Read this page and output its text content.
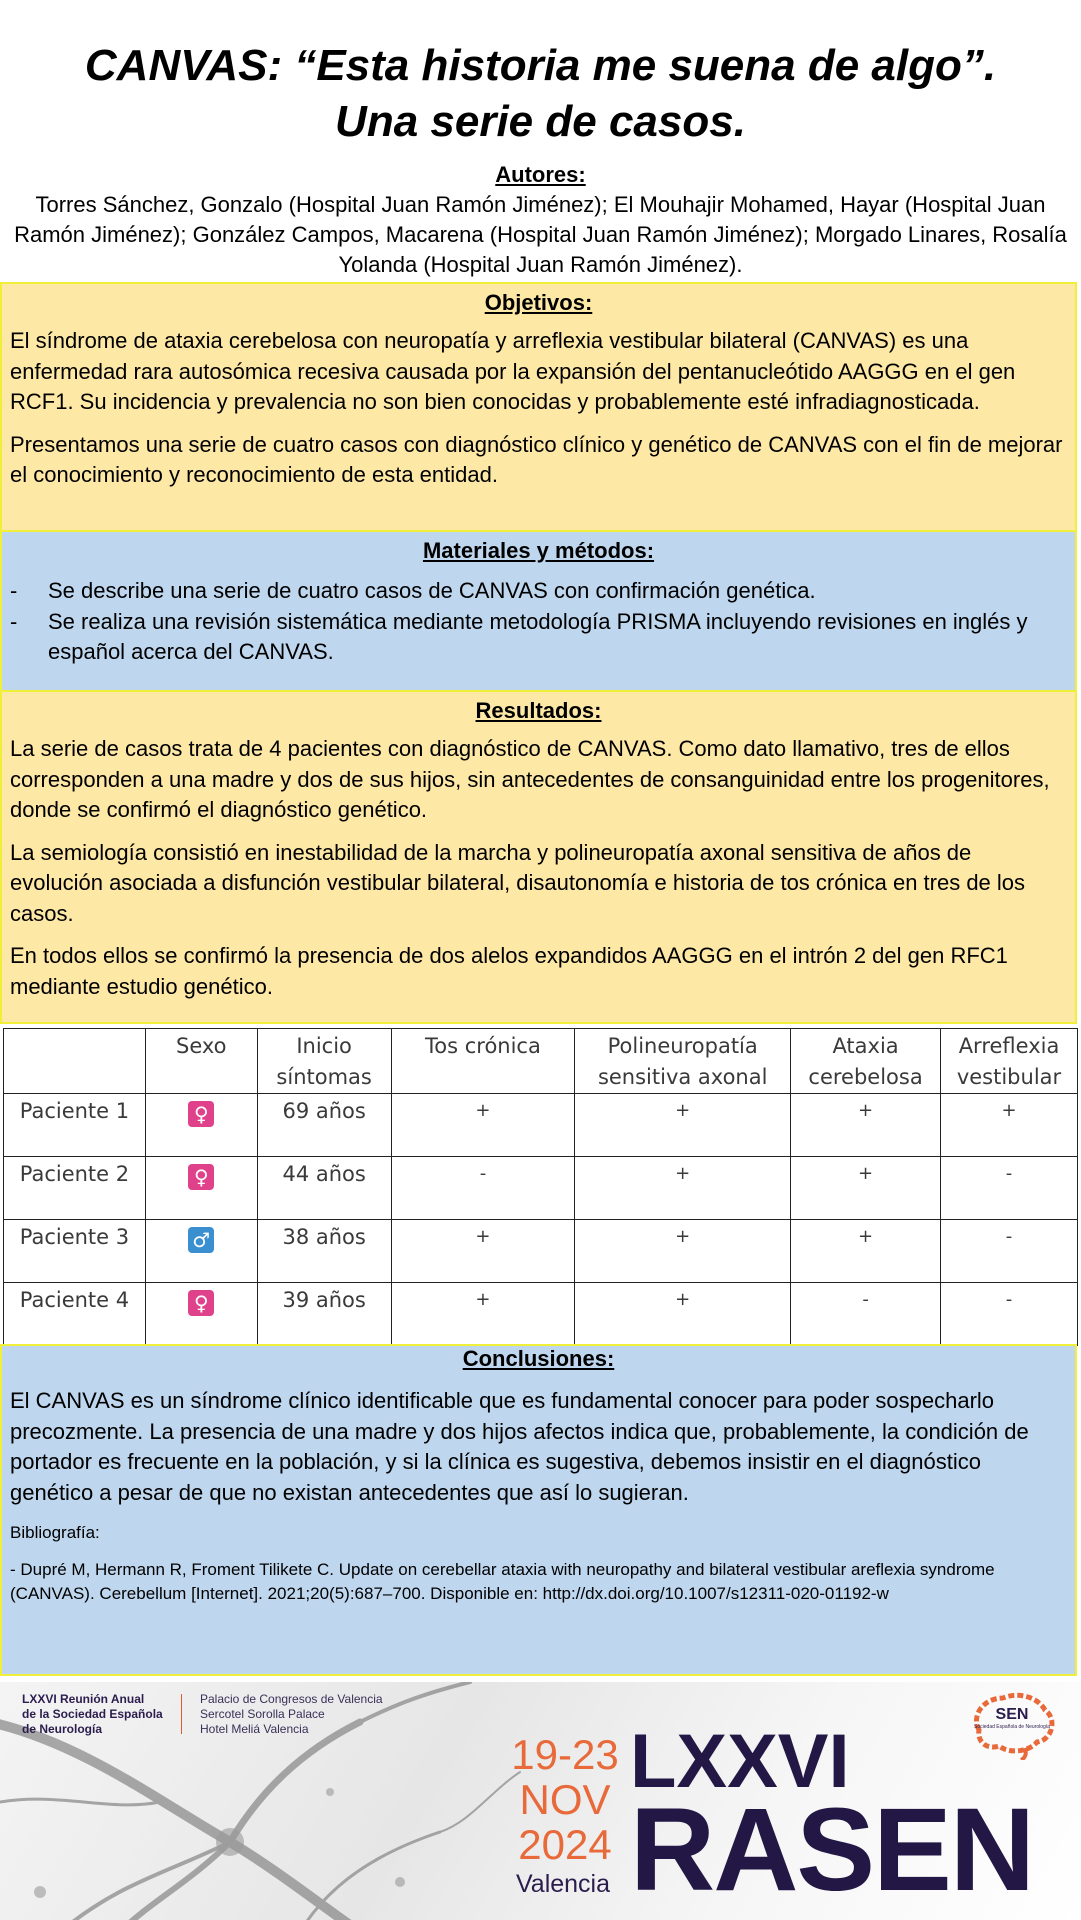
CANVAS: “Esta historia me suena de algo”.
Una serie de casos.
Autores:
Torres Sánchez, Gonzalo (Hospital Juan Ramón Jiménez); El Mouhajir Mohamed, Hayar (Hospital Juan Ramón Jiménez); González Campos, Macarena (Hospital Juan Ramón Jiménez); Morgado Linares, Rosalía Yolanda (Hospital Juan Ramón Jiménez).
Objetivos:
El síndrome de ataxia cerebelosa con neuropatía y arreflexia vestibular bilateral (CANVAS) es una enfermedad rara autosómica recesiva causada por la expansión del pentanucleótido AAGGG en el gen RCF1. Su incidencia y prevalencia no son bien conocidas y probablemente esté infradiagnosticada.
Presentamos una serie de cuatro casos con diagnóstico clínico y genético de CANVAS con el fin de mejorar el conocimiento y reconocimiento de esta entidad.
Materiales y métodos:
- Se describe una serie de cuatro casos de CANVAS con confirmación genética.
- Se realiza una revisión sistemática mediante metodología PRISMA incluyendo revisiones en inglés y español acerca del CANVAS.
Resultados:
La serie de casos trata de 4 pacientes con diagnóstico de CANVAS. Como dato llamativo, tres de ellos corresponden a una madre y dos de sus hijos, sin antecedentes de consanguinidad entre los progenitores, donde se confirmó el diagnóstico genético.
La semiología consistió en inestabilidad de la marcha y polineuropatía axonal sensitiva de años de evolución asociada a disfunción vestibular bilateral, disautonomía e historia de tos crónica en tres de los casos.
En todos ellos se confirmó la presencia de dos alelos expandidos AAGGG en el intrón 2 del gen RFC1 mediante estudio genético.
	Sexo	Inicio síntomas	Tos crónica	Polineuropatía sensitiva axonal	Ataxia cerebelosa	Arreflexia vestibular
Paciente 1	♀	69 años	+	+	+	+
Paciente 2	♀	44 años	-	+	+	-
Paciente 3	♂	38 años	+	+	+	-
Paciente 4	♀	39 años	+	+	-	-
Conclusiones:
El CANVAS es un síndrome clínico identificable que es fundamental conocer para poder sospecharlo precozmente. La presencia de una madre y dos hijos afectos indica que, probablemente, la condición de portador es frecuente en la población, y si la clínica es sugestiva, debemos insistir en el diagnóstico genético a pesar de que no existan antecedentes que así lo sugieran.
Bibliografía:
- Dupré M, Hermann R, Froment Tilikete C. Update on cerebellar ataxia with neuropathy and bilateral vestibular areflexia syndrome (CANVAS). Cerebellum [Internet]. 2021;20(5):687–700. Disponible en: http://dx.doi.org/10.1007/s12311-020-01192-w
LXXVI Reunión Anual
de la Sociedad Española
de Neurología
Palacio de Congresos de Valencia
Sercotel Sorolla Palace
Hotel Meliá Valencia
19-23
NOV
2024
Valencia
LXXVI
RASEN
SEN
Sociedad Española de Neurología
